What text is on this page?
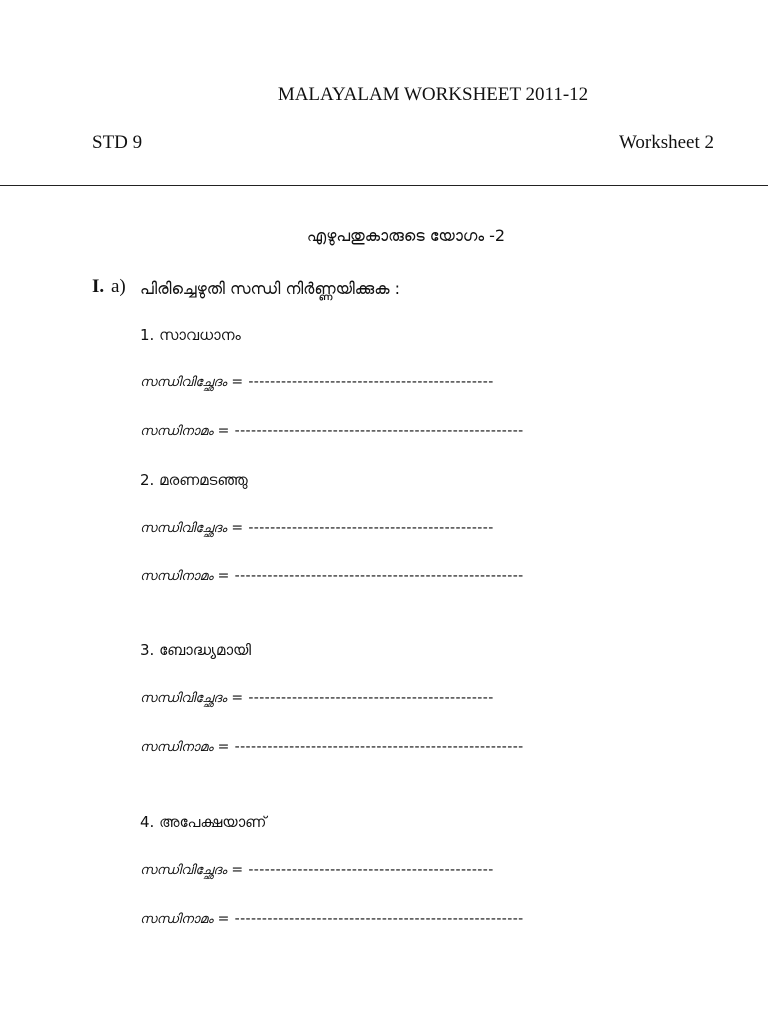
MALAYALAM WORKSHEET 2011-12
STD 9	Worksheet 2
എഴുപതുകാരുടെ യോഗം -2
I. a) പിരിച്ചെഴുതി സന്ധി നിർണ്ണയിക്കുക :
1. സാവധാനം
സന്ധിവിച്ഛേദം = ---------------------------------------------
സന്ധിനാമം = -----------------------------------------------------
2. മരണമടഞ്ഞു
സന്ധിവിച്ഛേദം = ---------------------------------------------
സന്ധിനാമം = -----------------------------------------------------
3. ബോദ്ധ്യമായി
സന്ധിവിച്ഛേദം = ---------------------------------------------
സന്ധിനാമം = -----------------------------------------------------
4. അപേക്ഷയാണ്
സന്ധിവിച്ഛേദം = ---------------------------------------------
സന്ധിനാമം = -----------------------------------------------------
